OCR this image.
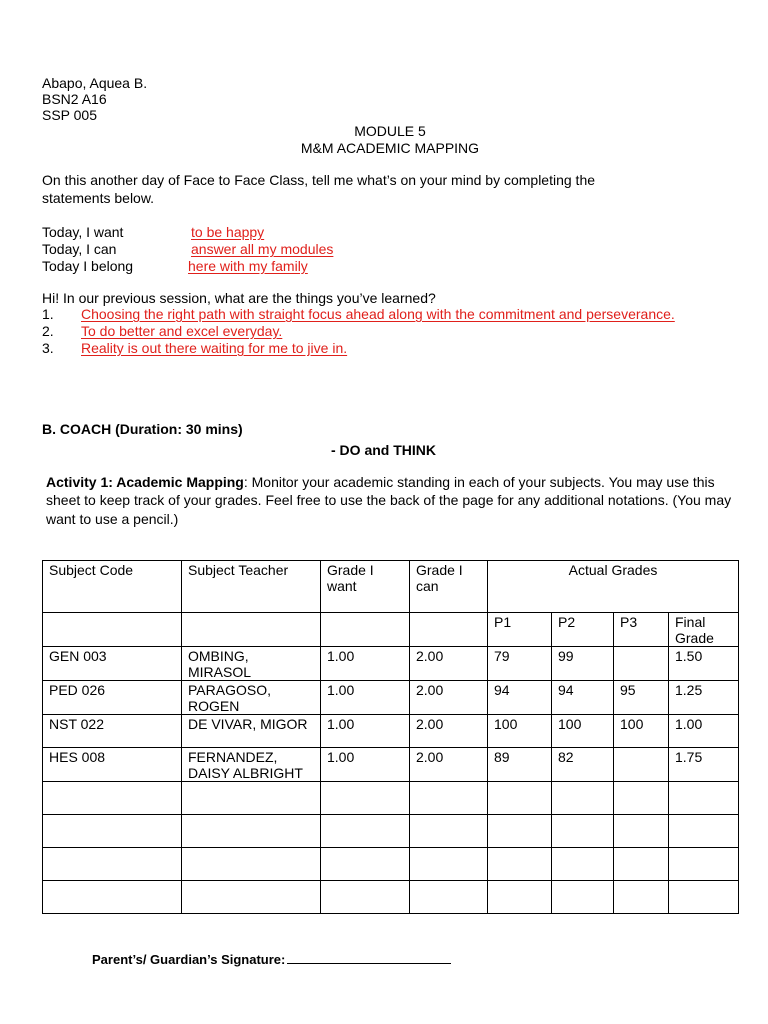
Abapo, Aquea B.
BSN2 A16
SSP 005
MODULE 5
M&M ACADEMIC MAPPING
On this another day of Face to Face Class, tell me what’s on your mind by completing the
statements below.
Today, I want	to be happy
Today, I can	answer all my modules
Today I belong	here with my family
Hi! In our previous session, what are the things you’ve learned?
1. Choosing the right path with straight focus ahead along with the commitment and perseverance.
2. To do better and excel everyday.
3. Reality is out there waiting for me to jive in.
B. COACH (Duration: 30 mins)
- DO and THINK
Activity 1: Academic Mapping: Monitor your academic standing in each of your subjects. You may use this
sheet to keep track of your grades. Feel free to use the back of the page for any additional notations. (You may
want to use a pencil.)
Subject Code	Subject Teacher	Grade I want	Grade I can	Actual Grades			
				P1	P2	P3	Final Grade
GEN 003	OMBING, MIRASOL	1.00	2.00	79	99		1.50
PED 026	PARAGOSO, ROGEN	1.00	2.00	94	94	95	1.25
NST 022	DE VIVAR, MIGOR	1.00	2.00	100	100	100	1.00
HES 008	FERNANDEZ, DAISY ALBRIGHT	1.00	2.00	89	82		1.75

Parent’s/ Guardian’s Signature:
